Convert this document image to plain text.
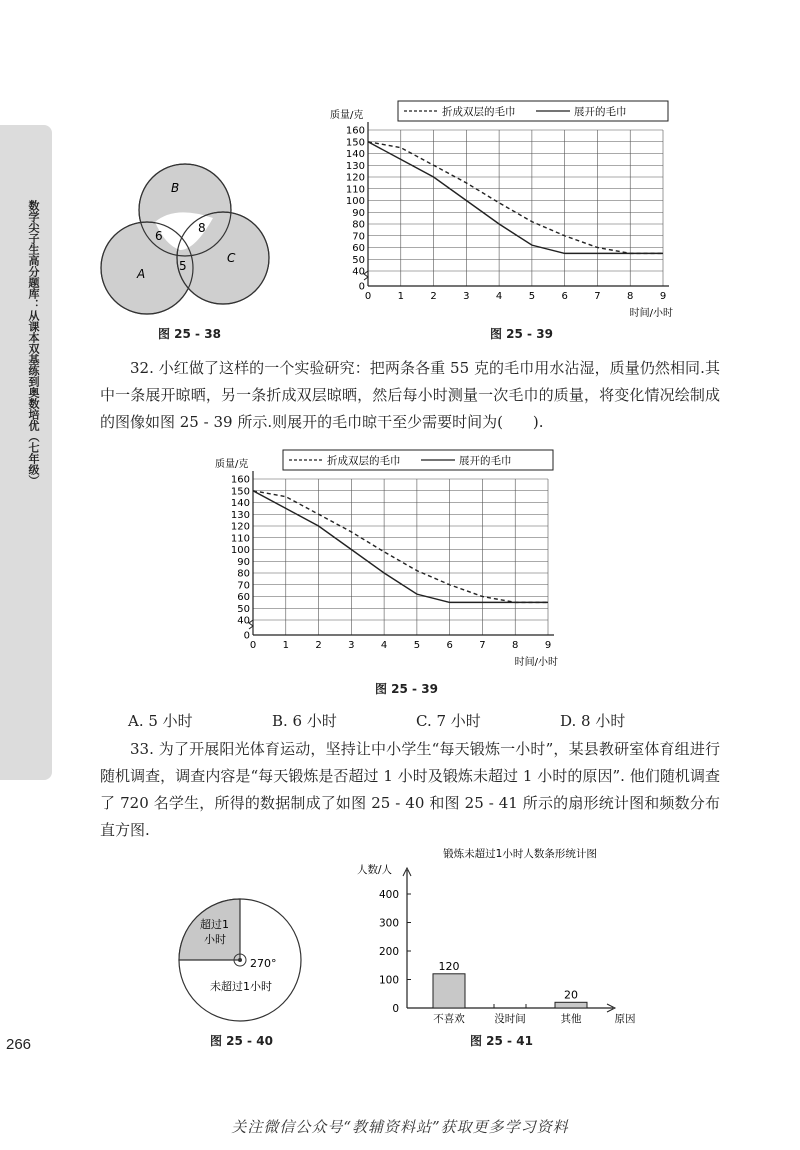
数学尖子生高分题库：从课本双基练到奥数培优（七年级）
266
A
B
C
6
8
5
图 25 - 38
0
40
50
60
70
80
90
100
110
120
130
140
150
160
0	1	2	3	4	5	6	7	8	9
质量/克
时间/小时
折成双层的毛巾	展开的毛巾
图 25 - 39
32. 小红做了这样的一个实验研究：把两条各重 55 克的毛巾用水沾湿，质量仍然相同.其中一条展开晾晒，另一条折成双层晾晒，然后每小时测量一次毛巾的质量，将变化情况绘制成的图像如图 25 - 39 所示.则展开的毛巾晾干至少需要时间为(　　).
0
40
50
60
70
80
90
100
110
120
130
140
150
160
0	1	2	3	4	5	6	7	8	9
质量/克
时间/小时
折成双层的毛巾	展开的毛巾
图 25 - 39
A. 5 小时	B. 6 小时	C. 7 小时	D. 8 小时
33. 为了开展阳光体育运动，坚持让中小学生“每天锻炼一小时”，某县教研室体育组进行随机调查，调查内容是“每天锻炼是否超过 1 小时及锻炼未超过 1 小时的原因”. 他们随机调查了 720 名学生，所得的数据制成了如图 25 - 40 和图 25 - 41 所示的扇形统计图和频数分布直方图.
超过1
小时
270°
未超过1小时
图 25 - 40
锻炼未超过1小时人数条形统计图
人数/人
0
100
200
300
400
120
不喜欢	没时间
20
其他	原因
图 25 - 41
关注微信公众号“教辅资料站”获取更多学习资料
